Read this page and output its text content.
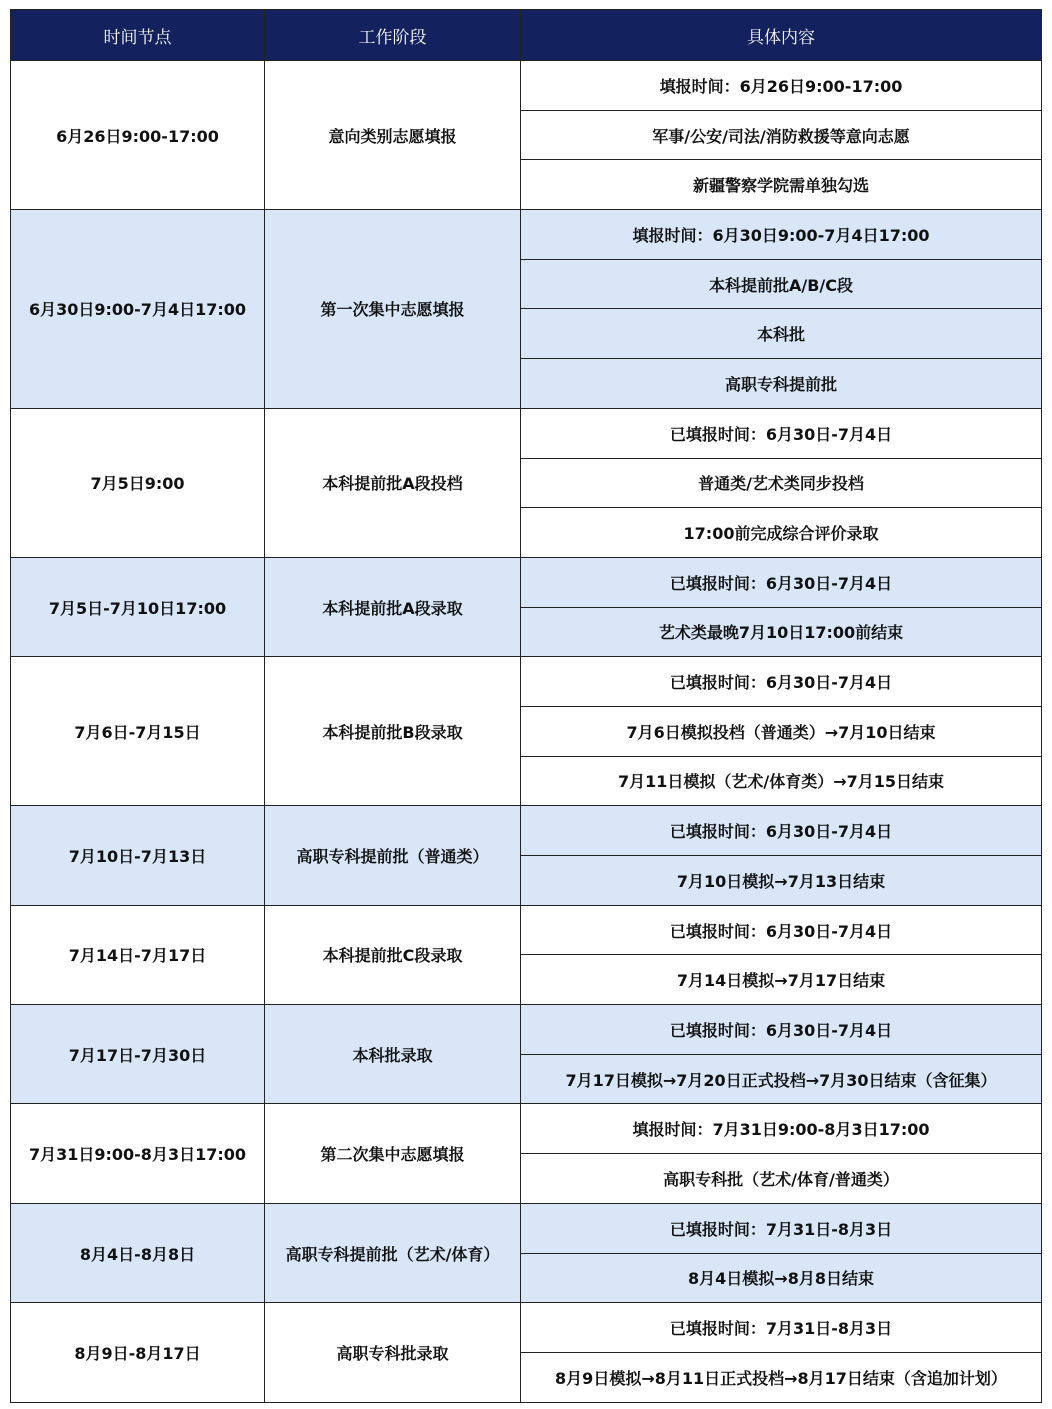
时间节点	工作阶段	具体内容
6月26日9:00-17:00	意向类别志愿填报	填报时间：6月26日9:00-17:00
		军事/公安/司法/消防救援等意向志愿
		新疆警察学院需单独勾选
6月30日9:00-7月4日17:00	第一次集中志愿填报	填报时间：6月30日9:00-7月4日17:00
		本科提前批A/B/C段
		本科批
		高职专科提前批
7月5日9:00	本科提前批A段投档	已填报时间：6月30日-7月4日
		普通类/艺术类同步投档
		17:00前完成综合评价录取
7月5日-7月10日17:00	本科提前批A段录取	已填报时间：6月30日-7月4日
		艺术类最晚7月10日17:00前结束
7月6日-7月15日	本科提前批B段录取	已填报时间：6月30日-7月4日
		7月6日模拟投档（普通类）→7月10日结束
		7月11日模拟（艺术/体育类）→7月15日结束
7月10日-7月13日	高职专科提前批（普通类）	已填报时间：6月30日-7月4日
		7月10日模拟→7月13日结束
7月14日-7月17日	本科提前批C段录取	已填报时间：6月30日-7月4日
		7月14日模拟→7月17日结束
7月17日-7月30日	本科批录取	已填报时间：6月30日-7月4日
		7月17日模拟→7月20日正式投档→7月30日结束（含征集）
7月31日9:00-8月3日17:00	第二次集中志愿填报	填报时间：7月31日9:00-8月3日17:00
		高职专科批（艺术/体育/普通类）
8月4日-8月8日	高职专科提前批（艺术/体育）	已填报时间：7月31日-8月3日
		8月4日模拟→8月8日结束
8月9日-8月17日	高职专科批录取	已填报时间：7月31日-8月3日
		8月9日模拟→8月11日正式投档→8月17日结束（含追加计划）
